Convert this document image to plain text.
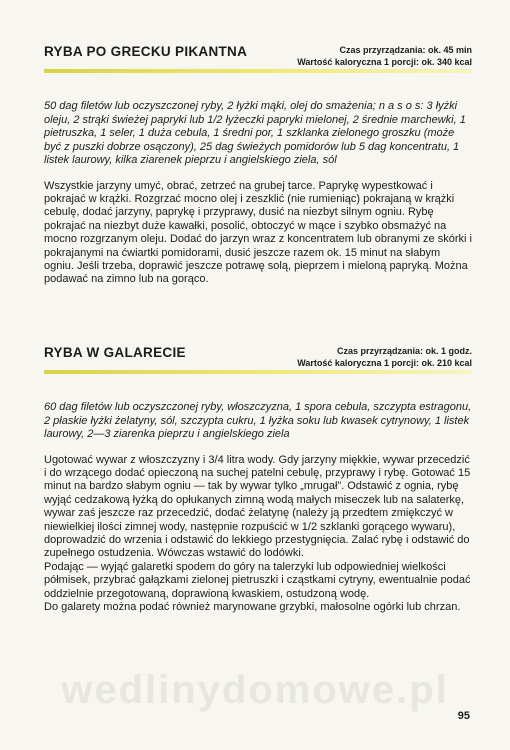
RYBA PO GRECKU PIKANTNA	Czas przyrządzania: ok. 45 min
Wartość kaloryczna 1 porcji: ok. 340 kcal
50 dag filetów lub oczyszczonej ryby, 2 łyżki mąki, olej do smażenia; n a s o s: 3 łyżki oleju, 2 strąki świeżej papryki lub 1/2 łyżeczki papryki mielonej, 2 średnie marchewki, 1 pietruszka, 1 seler, 1 duża cebula, 1 średni por, 1 szklanka zielonego groszku (może być z puszki dobrze osączony), 25 dag świeżych pomidorów lub 5 dag koncentratu, 1 listek laurowy, kilka ziarenek pieprzu i angielskiego ziela, sól

Wszystkie jarzyny umyć, obrać, zetrzeć na grubej tarce. Paprykę wypestkować i pokrajać w krążki. Rozgrzać mocno olej i zeszklić (nie rumieniąc) pokrajaną w krążki cebulę, dodać jarzyny, paprykę i przyprawy, dusić na niezbyt silnym ogniu. Rybę pokrajać na niezbyt duże kawałki, posolić, obtoczyć w mące i szybko obsmażyć na mocno rozgrzanym oleju. Dodać do jarzyn wraz z koncentratem lub obranymi ze skórki i pokrajanymi na ćwiartki pomidorami, dusić jeszcze razem ok. 15 minut na słabym ogniu. Jeśli trzeba, doprawić jeszcze potrawę solą, pieprzem i mieloną papryką. Można podawać na zimno lub na gorąco.

RYBA W GALARECIE	Czas przyrządzania: ok. 1 godz.
Wartość kaloryczna 1 porcji: ok. 210 kcal
60 dag filetów lub oczyszczonej ryby, włoszczyzna, 1 spora cebula, szczypta estragonu, 2 płaskie łyżki żelatyny, sól, szczypta cukru, 1 łyżka soku lub kwasek cytrynowy, 1 listek laurowy, 2—3 ziarenka pieprzu i angielskiego ziela

Ugotować wywar z włoszczyzny i 3/4 litra wody. Gdy jarzyny miękkie, wywar przecedzić i do wrzącego dodać opieczoną na suchej patelni cebulę, przyprawy i rybę. Gotować 15 minut na bardzo słabym ogniu — tak by wywar tylko „mrugał”. Odstawić z ognia, rybę wyjąć cedzakową łyżką do opłukanych zimną wodą małych miseczek lub na salaterkę, wywar zaś jeszcze raz przecedzić, dodać żelatynę (należy ją przedtem zmiękczyć w niewielkiej ilości zimnej wody, następnie rozpuścić w 1/2 szklanki gorącego wywaru), doprowadzić do wrzenia i odstawić do lekkiego przestygnięcia. Zalać rybę i odstawić do zupełnego ostudzenia. Wówczas wstawić do lodówki.

Podając — wyjąć galaretki spodem do góry na talerzyki lub odpowiedniej wielkości półmisek, przybrać gałązkami zielonej pietruszki i cząstkami cytryny, ewentualnie podać oddzielnie przegotowaną, doprawioną kwaskiem, ostudzoną wodę.

Do galarety można podać również marynowane grzybki, małosolne ogórki lub chrzan.

wedlinydomowe.pl
95
